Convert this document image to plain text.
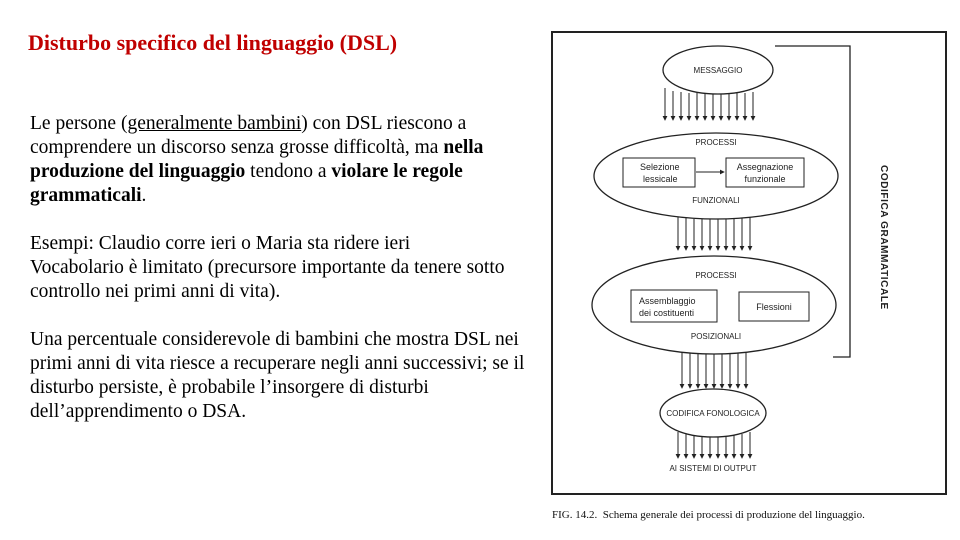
Disturbo specifico del linguaggio (DSL)

Le persone (generalmente bambini) con DSL riescono a comprendere un discorso senza grosse difficoltà, ma nella produzione del linguaggio tendono a violare le regole grammaticali.

Esempi: Claudio corre ieri o Maria sta ridere ieri
Vocabolario è limitato (precursore importante da tenere sotto controllo nei primi anni di vita).

Una percentuale considerevole di bambini che mostra DSL nei primi anni di vita riesce a recuperare negli anni successivi; se il disturbo persiste, è probabile l’insorgere di disturbi dell’apprendimento o DSA.

MESSAGGIO
PROCESSI
Selezione
lessicale
Assegnazione
funzionale
FUNZIONALI
PROCESSI
Assemblaggio
dei costituenti
Flessioni
POSIZIONALI
CODIFICA FONOLOGICA
AI SISTEMI DI OUTPUT
CODIFICA GRAMMATICALE
FIG. 14.2. Schema generale dei processi di produzione del linguaggio.
